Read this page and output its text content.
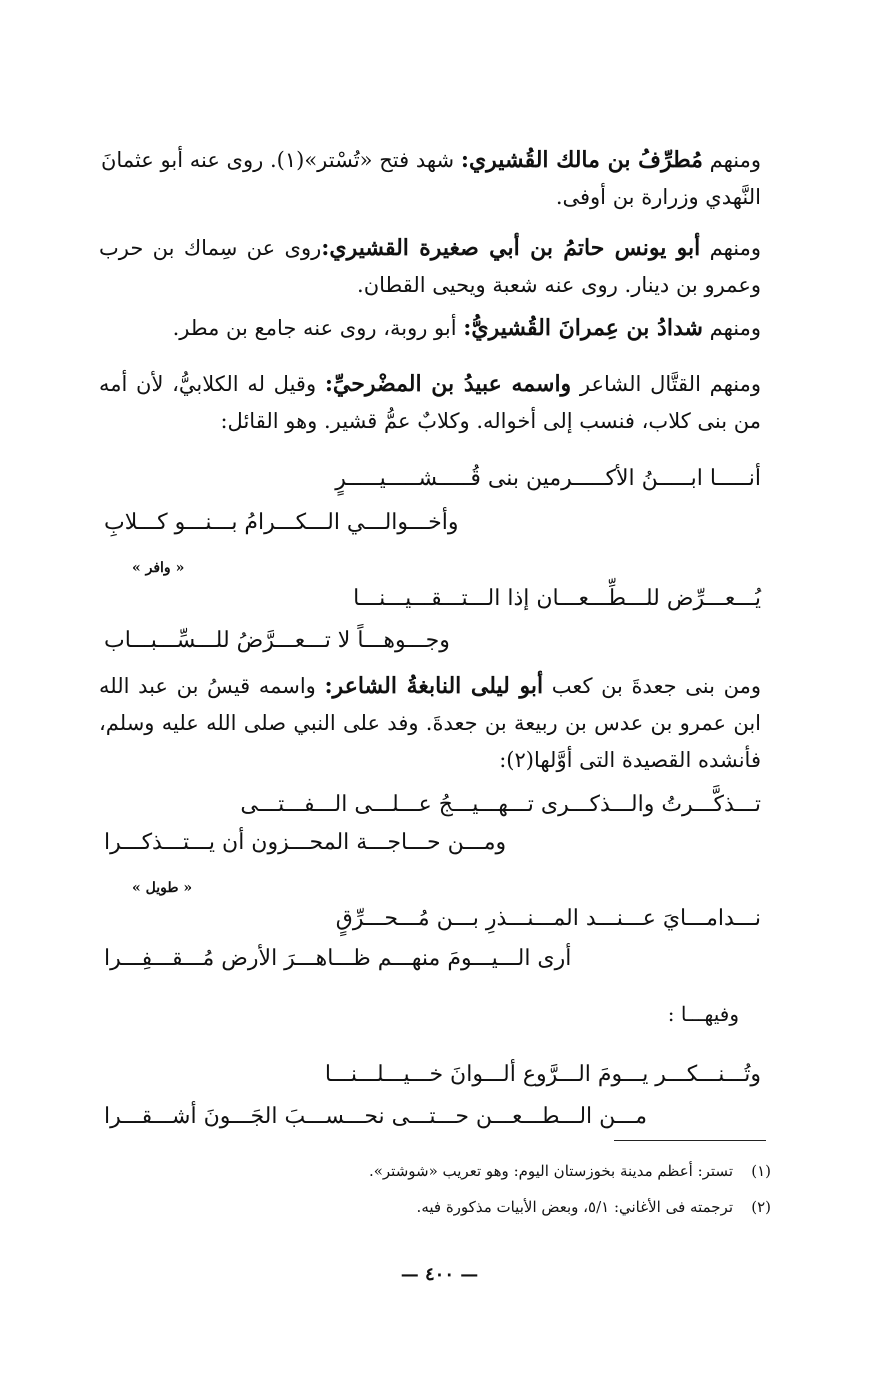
ومنهم مُطرِّفُ بن مالك القُشيري: شهد فتح «تُسْتر»(١). روى عنه أبو عثمانَ النَّهدي وزرارة بن أوفى.
ومنهم أبو يونس حاتمُ بن أبي صغيرة القشيري:روى عن سِماك بن حرب وعمرو بن دينار. روى عنه شعبة ويحيى القطان.
ومنهم شدادُ بن عِمرانَ القُشيريُّ: أبو روبة، روى عنه جامع بن مطر.
ومنهم القتَّال الشاعر واسمه عبيدُ بن المضْرحيِّ: وقيل له الكلابيُّ، لأن أمه من بنى كلاب، فنسب إلى أخواله. وكلابٌ عمُّ قشير. وهو القائل:
أنـــــا ابـــــنُ الأكـــــرمين بنى قُـــــشـــــيـــــرٍ
وأخـــوالـــي الـــكـــرامُ بـــنـــو كـــلابِ
« وافر »
يُـــعـــرِّض للـــطِّـــعـــان إذا الـــتـــقـــيـــنـــا
وجـــوهـــاً لا تـــعـــرَّضُ للـــسِّـــبـــاب
ومن بنى جعدةَ بن كعب أبو ليلى النابغةُ الشاعر: واسمه قيسُ بن عبد الله ابن عمرو بن عدس بن ربيعة بن جعدةَ. وفد على النبي صلى الله عليه وسلم، فأنشده القصيدة التى أوَّلها(٢):
تـــذكَّـــرتُ والـــذكـــرى تـــهـــيـــجُ عـــلـــى الـــفـــتـــى
ومـــن حـــاجـــة المحـــزون أن يـــتـــذكـــرا
« طويل »
نـــدامـــايَ عـــنـــد المـــنـــذرِ بـــن مُـــحـــرِّقٍ
أرى الـــيـــومَ منهـــم ظـــاهـــرَ الأرض مُـــقـــفِـــرا
وفيهـــا :
وتُـــنـــكـــر يـــومَ الـــرَّوع ألـــوانَ خـــيـــلـــنـــا
مـــن الـــطـــعـــن حـــتـــى نحـــســـبَ الجَـــونَ أشـــقـــرا
(١)تستر: أعظم مدينة بخوزستان اليوم: وهو تعريب «شوشتر».
(٢)ترجمته فى الأغاني: ٥/١، وبعض الأبيات مذكورة فيه.
— ٤٠٠ —
